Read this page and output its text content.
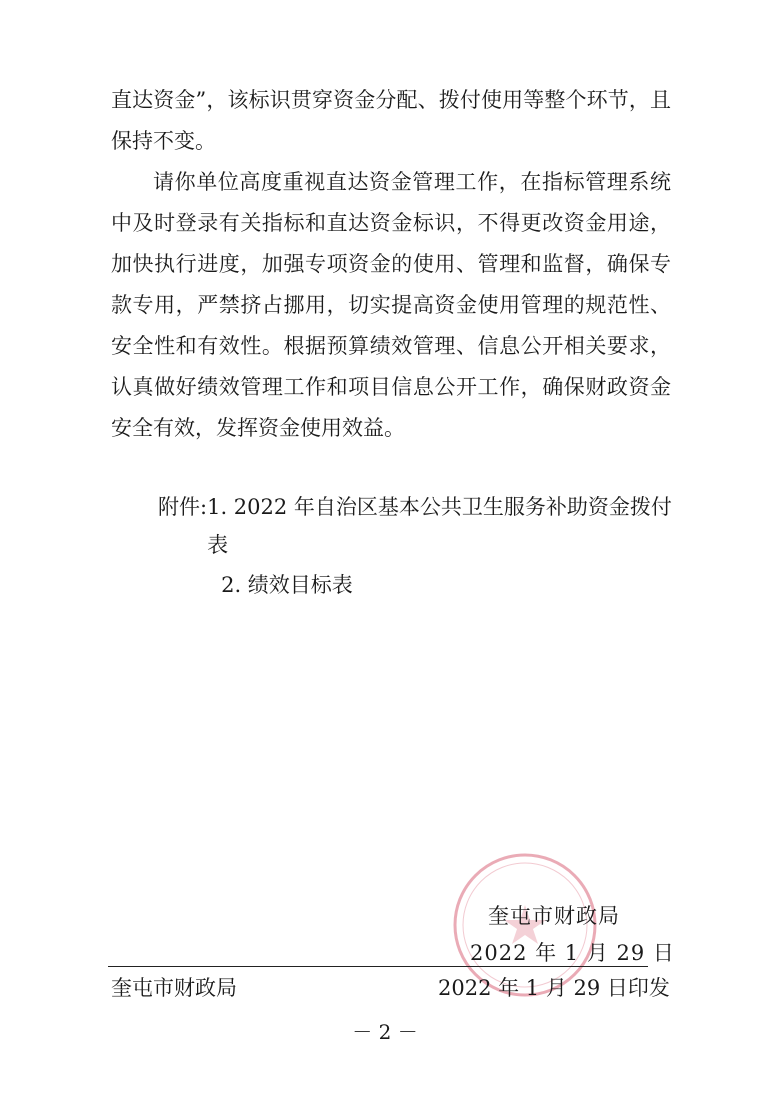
直达资金”，该标识贯穿资金分配、拨付使用等整个环节，且保持不变。
请你单位高度重视直达资金管理工作，在指标管理系统中及时登录有关指标和直达资金标识，不得更改资金用途，加快执行进度，加强专项资金的使用、管理和监督，确保专款专用，严禁挤占挪用，切实提高资金使用管理的规范性、安全性和有效性。根据预算绩效管理、信息公开相关要求，认真做好绩效管理工作和项目信息公开工作，确保财政资金安全有效，发挥资金使用效益。
附件: 1. 2022 年自治区基本公共卫生服务补助资金拨付表
2. 绩效目标表
奎屯市财政局
2022 年 1 月 29 日
奎屯市财政局	2022 年 1 月 29 日印发
－ 2 －
